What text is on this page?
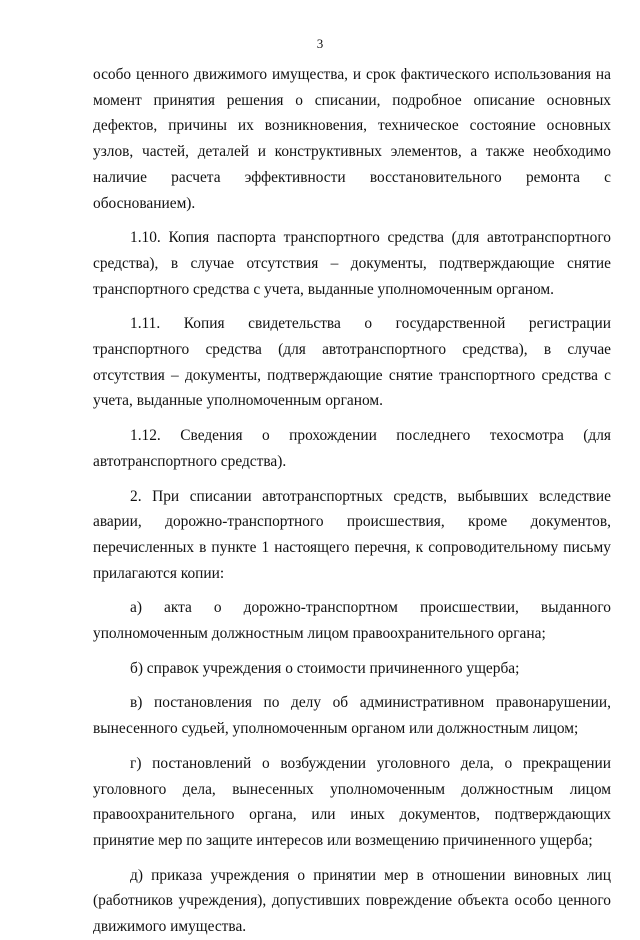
3

особо ценного движимого имущества, и срок фактического использования на момент принятия решения о списании, подробное описание основных дефектов, причины их возникновения, техническое состояние основных узлов, частей, деталей и конструктивных элементов, а также необходимо наличие расчета эффективности восстановительного ремонта с обоснованием).

1.10. Копия паспорта транспортного средства (для автотранспортного средства), в случае отсутствия – документы, подтверждающие снятие транспортного средства с учета, выданные уполномоченным органом.

1.11. Копия свидетельства о государственной регистрации транспортного средства (для автотранспортного средства), в случае отсутствия – документы, подтверждающие снятие транспортного средства с учета, выданные уполномоченным органом.

1.12. Сведения о прохождении последнего техосмотра (для автотранспортного средства).

2. При списании автотранспортных средств, выбывших вследствие аварии, дорожно-транспортного происшествия, кроме документов, перечисленных в пункте 1 настоящего перечня, к сопроводительному письму прилагаются копии:

а) акта о дорожно-транспортном происшествии, выданного уполномоченным должностным лицом правоохранительного органа;

б) справок учреждения о стоимости причиненного ущерба;

в) постановления по делу об административном правонарушении, вынесенного судьей, уполномоченным органом или должностным лицом;

г) постановлений о возбуждении уголовного дела, о прекращении уголовного дела, вынесенных уполномоченным должностным лицом правоохранительного органа, или иных документов, подтверждающих принятие мер по защите интересов или возмещению причиненного ущерба;

д) приказа учреждения о принятии мер в отношении виновных лиц (работников учреждения), допустивших повреждение объекта особо ценного движимого имущества.
